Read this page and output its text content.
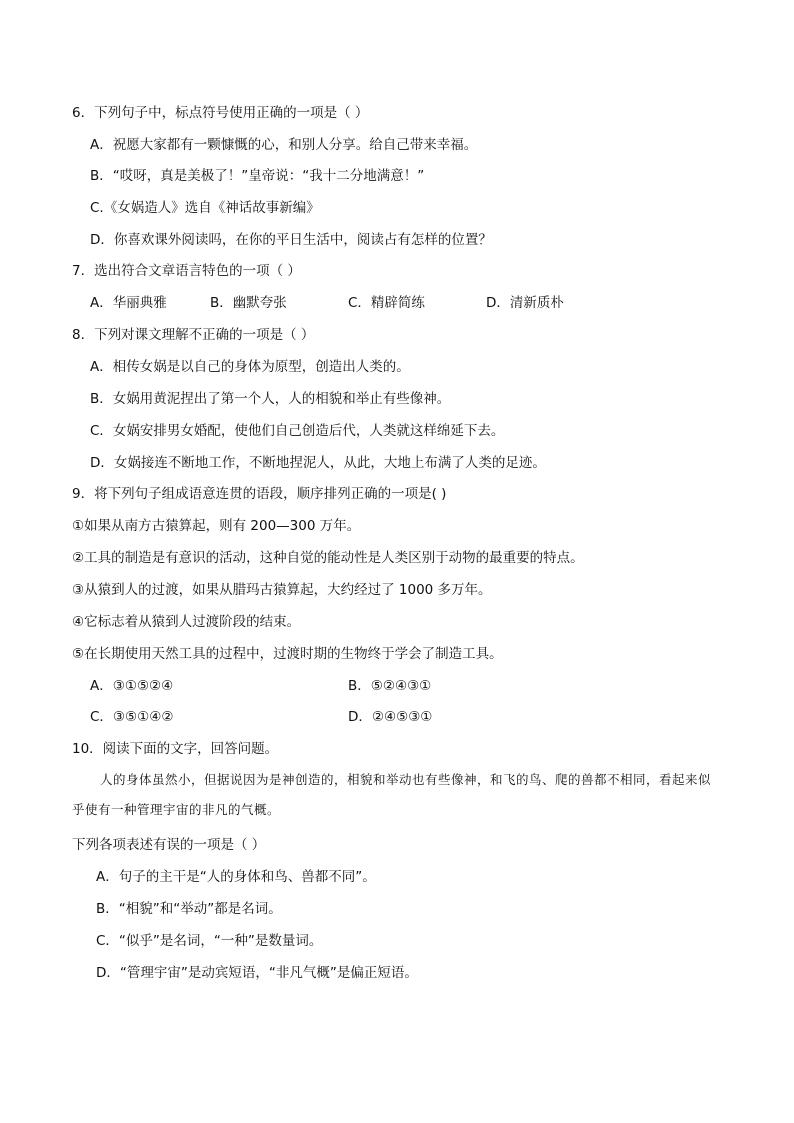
6．下列句子中，标点符号使用正确的一项是（ ）
A．祝愿大家都有一颗慷慨的心，和别人分享。给自己带来幸福。
B．“哎呀，真是美极了！”皇帝说：“我十二分地满意！”
C.《女娲造人》选自《神话故事新编》
D．你喜欢课外阅读吗，在你的平日生活中，阅读占有怎样的位置？
7．选出符合文章语言特色的一项（ ）
A．华丽典雅	B．幽默夸张	C．精辟简练	D．清新质朴
8．下列对课文理解不正确的一项是（ ）
A．相传女娲是以自己的身体为原型，创造出人类的。
B．女娲用黄泥捏出了第一个人，人的相貌和举止有些像神。
C．女娲安排男女婚配，使他们自己创造后代，人类就这样绵延下去。
D．女娲接连不断地工作，不断地捏泥人，从此，大地上布满了人类的足迹。
9．将下列句子组成语意连贯的语段，顺序排列正确的一项是( )
①如果从南方古猿算起，则有 200—300 万年。
②工具的制造是有意识的活动，这种自觉的能动性是人类区别于动物的最重要的特点。
③从猿到人的过渡，如果从腊玛古猿算起，大约经过了 1000 多万年。
④它标志着从猿到人过渡阶段的结束。
⑤在长期使用天然工具的过程中，过渡时期的生物终于学会了制造工具。
A．③①⑤②④	B．⑤②④③①
C．③⑤①④②	D．②④⑤③①
10．阅读下面的文字，回答问题。
人的身体虽然小，但据说因为是神创造的，相貌和举动也有些像神，和飞的鸟、爬的兽都不相同，看起来似乎使有一种管理宇宙的非凡的气概。
下列各项表述有误的一项是（ ）
A．句子的主干是“人的身体和鸟、兽都不同”。
B．“相貌”和“举动”都是名词。
C．“似乎”是名词，“一种”是数量词。
D．“管理宇宙”是动宾短语，“非凡气概”是偏正短语。
